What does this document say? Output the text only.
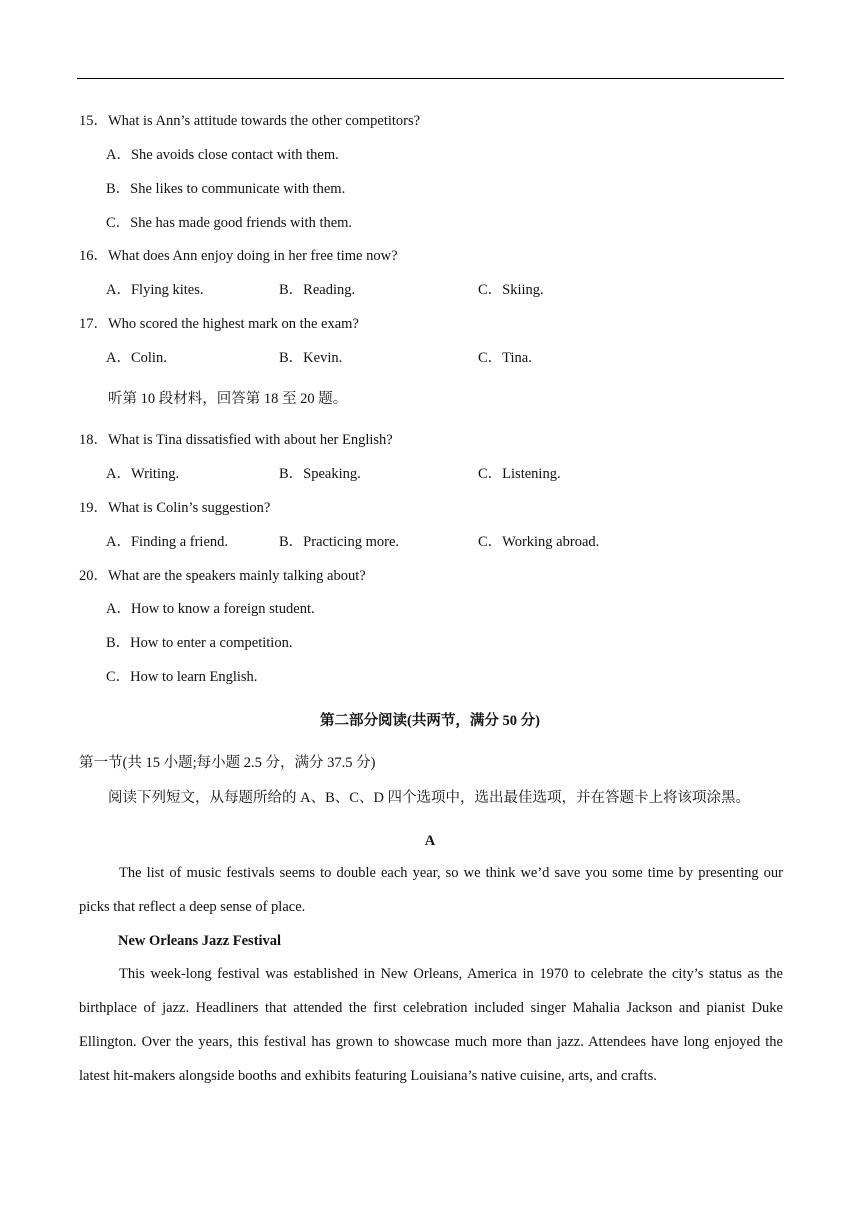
15．What is Ann’s attitude towards the other competitors?
A．She avoids close contact with them.
B．She likes to communicate with them.
C．She has made good friends with them.
16．What does Ann enjoy doing in her free time now?
A．Flying kites.	B．Reading.	C．Skiing.
17．Who scored the highest mark on the exam?
A．Colin.	B．Kevin.	C．Tina.
听第 10 段材料，回答第 18 至 20 题。
18．What is Tina dissatisfied with about her English?
A．Writing.	B．Speaking.	C．Listening.
19．What is Colin’s suggestion?
A．Finding a friend.	B．Practicing more.	C．Working abroad.
20．What are the speakers mainly talking about?
A．How to know a foreign student.
B．How to enter a competition.
C．How to learn English.
第二部分阅读(共两节，满分 50 分)
第一节(共 15 小题;每小题 2.5 分，满分 37.5 分)
阅读下列短文，从每题所给的 A、B、C、D 四个选项中，选出最佳选项，并在答题卡上将该项涂黑。
A

The list of music festivals seems to double each year, so we think we’d save you some time by presenting our picks that reflect a deep sense of place.

New Orleans Jazz Festival

This week-long festival was established in New Orleans, America in 1970 to celebrate the city’s status as the birthplace of jazz. Headliners that attended the first celebration included singer Mahalia Jackson and pianist Duke Ellington. Over the years, this festival has grown to showcase much more than jazz. Attendees have long enjoyed the latest hit-makers alongside booths and exhibits featuring Louisiana’s native cuisine, arts, and crafts.
